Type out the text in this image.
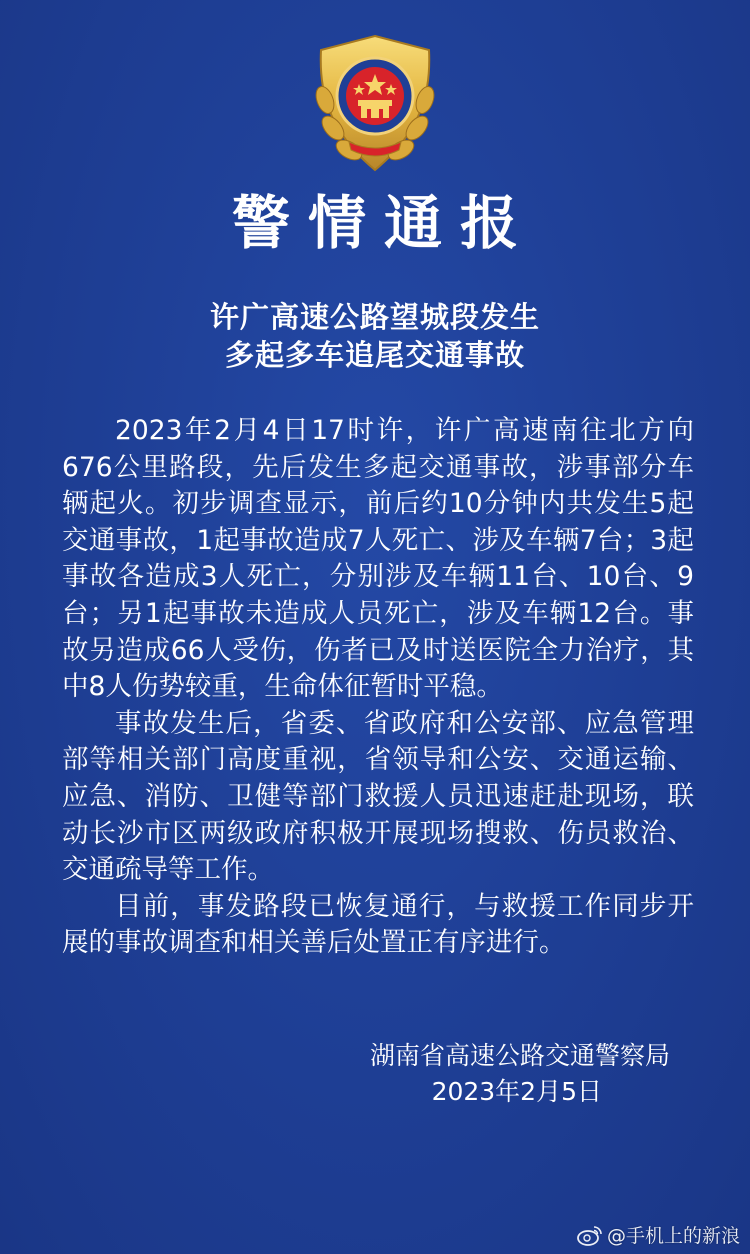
警情通报
许广高速公路望城段发生
多起多车追尾交通事故

2023年2月4日17时许，许广高速南往北方向676公里路段，先后发生多起交通事故，涉事部分车辆起火。初步调查显示，前后约10分钟内共发生5起交通事故，1起事故造成7人死亡、涉及车辆7台；3起事故各造成3人死亡，分别涉及车辆11台、10台、9台；另1起事故未造成人员死亡，涉及车辆12台。事故另造成66人受伤，伤者已及时送医院全力治疗，其中8人伤势较重，生命体征暂时平稳。

事故发生后，省委、省政府和公安部、应急管理部等相关部门高度重视，省领导和公安、交通运输、应急、消防、卫健等部门救援人员迅速赶赴现场，联动长沙市区两级政府积极开展现场搜救、伤员救治、交通疏导等工作。

目前，事发路段已恢复通行，与救援工作同步开展的事故调查和相关善后处置正有序进行。

湖南省高速公路交通警察局
2023年2月5日
@手机上的新浪
